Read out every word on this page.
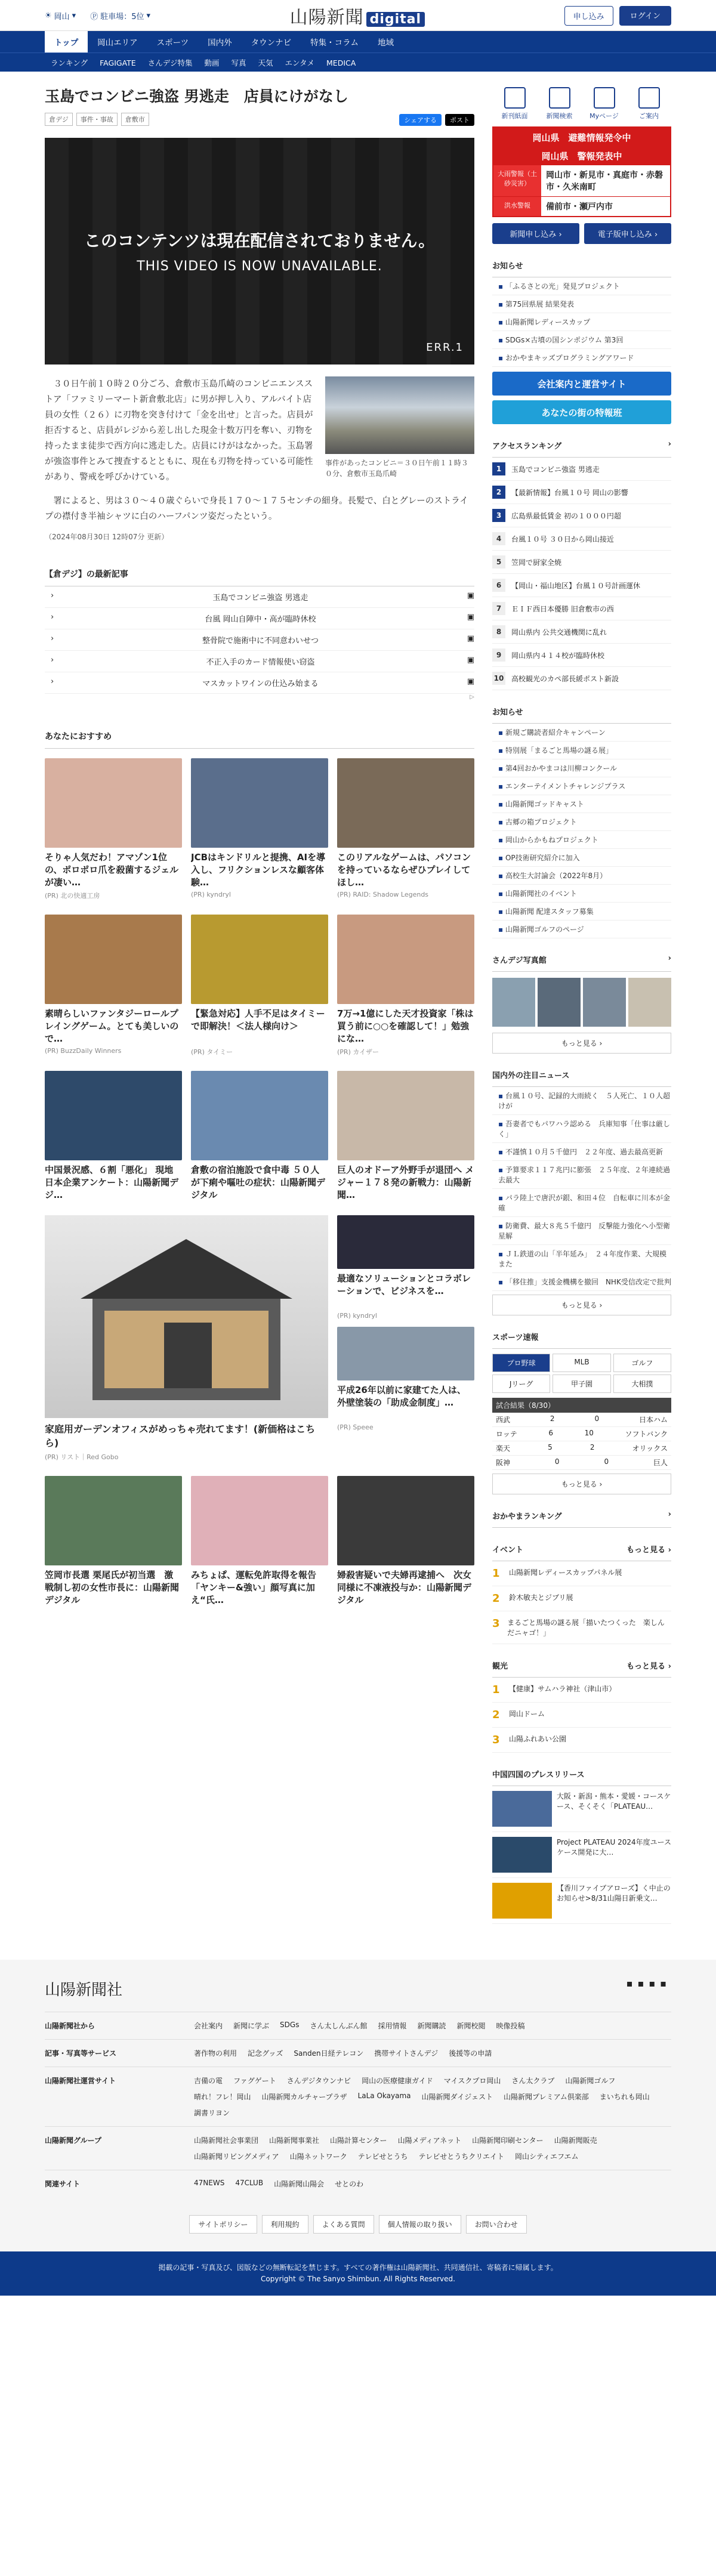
☀ 岡山 ▾ Ⓟ 駐車場：5位 ▾	山陽新聞 digital	申し込み	ログイン
トップ	岡山エリア	スポーツ	国内外	タウンナビ	特集・コラム	地域
ランキング	FAGIGATE	さんデジ特集	動画	写真	天気	エンタメ	MEDICA
玉島でコンビニ強盗 男逃走　店員にけがなし
倉デジ	事件・事故	倉敷市	シェアする	ポスト
このコンテンツは現在配信されておりません。
THIS VIDEO IS NOW UNAVAILABLE.
ERR.1

３０日午前１０時２０分ごろ、倉敷市玉島爪崎のコンビニエンスストア「ファミリーマート新倉敷北店」に男が押し入り、アルバイト店員の女性（２６）に刃物を突き付けて「金を出せ」と言った。店員が拒否すると、店員がレジから差し出した現金十数万円を奪い、刃物を持ったまま徒歩で西方向に逃走した。店員にけがはなかった。玉島署が強盗事件とみて捜査するとともに、現在も刃物を持っている可能性があり、警戒を呼びかけている。

事件があったコンビニ＝３０日午前１１時３０分、倉敷市玉島爪崎

署によると、男は３０～４０歳ぐらいで身長１７０～１７５センチの細身。長髪で、白とグレーのストライプの襟付き半袖シャツに白のハーフパンツ姿だったという。

（2024年08月30日 12時07分 更新）
【倉デジ】の最新記事
› 玉島でコンビニ強盗 男逃走	▣
› 台風 岡山自陣中・高が臨時休校	▣
› 整骨院で施術中に不同意わいせつ	▣
› 不正入手のカード情報使い窃盗	▣
› マスカットワインの仕込み始まる	▣
▷
あなたにおすすめ
そりゃ人気だわ！アマゾン1位の、ポロポロ爪を殺菌するジェルが凄い…
(PR) 北の快適工房
JCBはキンドリルと提携、AIを導入し、フリクションレスな顧客体験…
(PR) kyndryl
このリアルなゲームは、パソコンを持っているならぜひプレイしてほし…
(PR) RAID: Shadow Legends
素晴らしいファンタジーロールプレイングゲーム。とても美しいので…
(PR) BuzzDaily Winners
【緊急対応】人手不足はタイミーで即解決！＜法人様向け＞
(PR) タイミー
7万→1億にした天才投資家「株は買う前に○○を確認して！」勉強にな…
(PR) カイザー
中国景況感、６割「悪化」 現地日本企業アンケート：山陽新聞デジ…
倉敷の宿泊施設で食中毒 ５０人が下痢や嘔吐の症状：山陽新聞デジタル
巨人のオドーア外野手が退団へ メジャー１７８発の新戦力：山陽新聞…
家庭用ガーデンオフィスがめっちゃ売れてます！(新価格はこちら)
(PR) リスト｜Red Gobo
最適なソリューションとコラボレーションで、ビジネスを…
(PR) kyndryl
平成26年以前に家建てた人は、外壁塗装の「助成金制度」…
(PR) Speee
笠岡市長選 栗尾氏が初当選　激戦制し初の女性市長に：山陽新聞デジタル
みちょぱ、運転免許取得を報告「ヤンキー&強い」顔写真に加え“氏…
婦殺害疑いで夫婦再逮捕へ　次女同様に不凍液投与か：山陽新聞デジタル
新刊紙面	新聞検索	Myページ	ご案内
岡山県　避難情報発令中
岡山県　警報発表中
大雨警報（土砂災害）
岡山市・新見市・真庭市・赤磐市・久米南町
洪水警報	備前市・瀬戸内市
新聞申し込み ›	電子版申し込み ›
お知らせ
▪ 「ふるさとの光」発見プロジェクト
▪ 第75回県展 結果発表
▪ 山陽新聞レディースカップ
▪ SDGs×古墳の国シンポジウム 第3回
▪ おかやまキッズプログラミングアワード
会社案内と運営サイト
あなたの街の特報班
アクセスランキング	›
1	玉島でコンビニ強盗 男逃走
2	【最新情報】台風１０号 岡山の影響
3	広島県最低賃金 初の１０００円超
4	台風１０号 ３０日から岡山接近
5	笠岡で厨家全焼
6	【岡山・福山地区】台風１０号計画運休
7	ＥＩＦ西日本優勝 旧倉敷市の西
8	岡山県内 公共交通機関に乱れ
9	岡山県内４１４校が臨時休校
10 高校観光のカペ部長緩ポスト新設
お知らせ
▪ 新規ご購読者紹介キャンペーン
▪ 特別展「まるごと馬場の謎る展」
▪ 第4回おかやまコは川柳コンクール
▪ エンターテイメントチャレンジプラス
▪ 山陽新聞ゴッドキャスト
▪ 古郷の箱プロジェクト
▪ 岡山からかもねプロジェクト
▪ OP技術研究紹介に加入
▪ 高校生大討論会（2022年8月）
▪ 山陽新聞社のイベント
▪ 山陽新聞 配達スタッフ募集
▪ 山陽新聞ゴルフのページ
さんデジ写真館	›
もっと見る ›
国内外の注目ニュース
▪ 台風１０号、記録的大雨続く　５人死亡、１０人超けが
▪ 吾妻者でもパワハラ認める　兵庫知事「仕事は厳しく」
▪ 不謹慎１０月５千億円　２２年度、過去最高更新
▪ 予算要求１１７兆円に膨張　２５年度、２年連続過去最大
▪ パラ陸上で唐沢が銀、和田４位　自転車に川本が金確
▪ 防衛費、最大８兆５千億円　反撃能力強化へ小型衛星解
▪ ＪＬ鉄道の山「半年延み」　２４年度作業、大規模また
▪ 「移住推」支援金機構を撤回　NHK受信改定で批判
もっと見る ›
スポーツ速報
プロ野球	MLB	ゴルフ
Jリーグ	甲子園	大相撲
試合結果（8/30）
西武	2	0	日本ハム
ロッテ	6	10	ソフトバンク
楽天	5	2	オリックス
阪神	0	0	巨人
もっと見る ›
おかやまランキング	›
イベント	もっと見る ›
1 山陽新聞レディースカップパネル展
2 鈴木敏夫とジブリ展
3 まるごと馬場の謎る展「描いたつくった　楽しんだニャゴ！」
観光	もっと見る ›
1 【健康】サムハラ神社（津山市）
2 岡山ドーム
3 山陽ふれあい公園
中国四国のプレスリリース
大阪・新潟・熊本・愛媛・コースケース、そくそく「PLATEAU…
Project PLATEAU 2024年度ユースケース開発に大…
【香川ファイブアローズ】く中止のお知らせ>8/31山陽日新乗文…
山陽新聞社	▪▪▪▪
山陽新聞社から	会社案内 新聞に学ぶ SDGs さん太しんぶん館 採用情報 新聞購読 新聞校閲 映像投稿
記事・写真等サービス	著作物の利用 記念グッズ Sanden日経テレコン 携帯サイトさんデジ 後援等の申請
山陽新聞社運営サイト	吉備の電 ファグゲート さんデジタウンナビ 岡山の医療健康ガイド マイスクプロ岡山 さん太クラブ 山陽新聞ゴルフ
晴れ！フレ！岡山 山陽新聞カルチャープラザ LaLa Okayama 山陽新聞ダイジェスト 山陽新聞プレミアム倶楽部 まいちれも岡山
調書リヨン
山陽新聞グループ	山陽新聞社会事業団 山陽新聞事業社 山陽計算センター 山陽メディアネット 山陽新聞印刷センター 山陽新聞販売
山陽新聞リビングメディア 山陽ネットワーク テレビせとうち テレビせとうちクリエイト 岡山シティエフエム
関連サイト	47NEWS 47CLUB 山陽新聞山陽会 せとのわ
サイトポリシー	利用規約	よくある質問	個人情報の取り扱い	お問い合わせ
掲載の記事・写真及び、図版などの無断転記を禁じます。すべての著作権は山陽新聞社、共同通信社、寄稿者に帰属します。
Copyright © The Sanyo Shimbun. All Rights Reserved.
